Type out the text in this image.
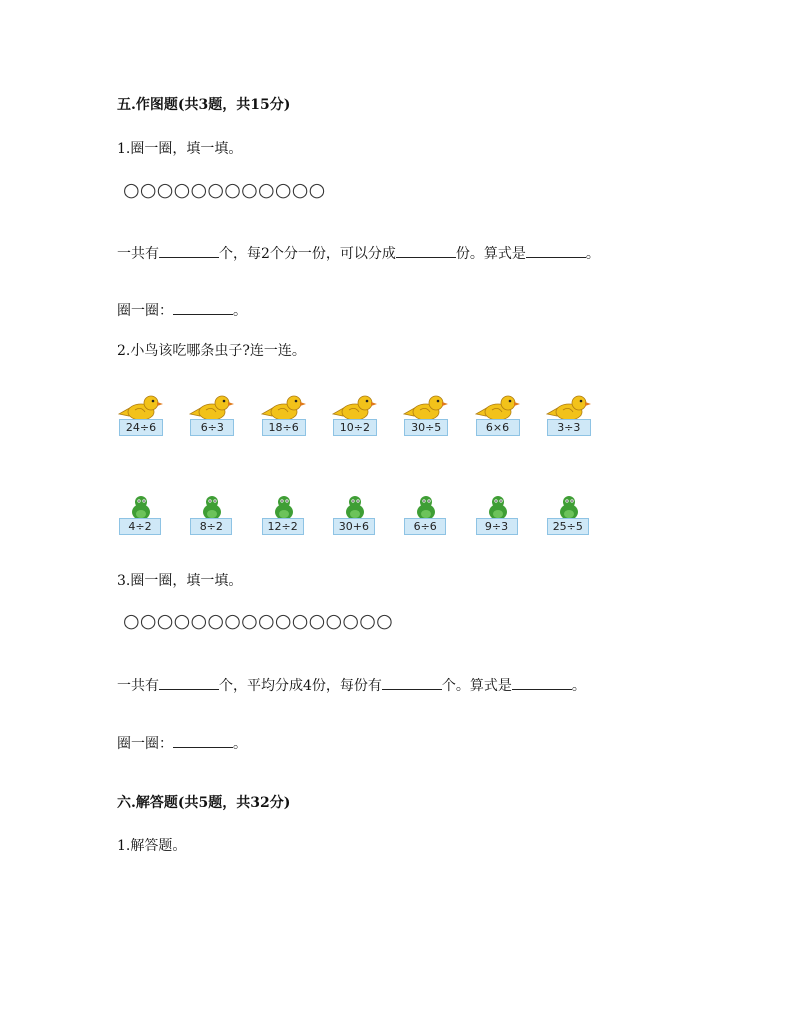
五.作图题(共3题，共15分)
1.圈一圈，填一填。
○○○○○○○○○○○○
一共有	个，每2个分一份，可以分成	份。算式是	。
圈一圈：	。
2.小鸟该吃哪条虫子?连一连。
3.圈一圈，填一填。
○○○○○○○○○○○○○○○○
一共有	个，平均分成4份，每份有	个。算式是	。
圈一圈：	。
六.解答题(共5题，共32分)
1.解答题。
24÷6	6÷3	18÷6	10÷2	30÷5	6×6	3÷3
4÷2	8÷2	12÷2	30+6	6÷6	9÷3	25÷5
